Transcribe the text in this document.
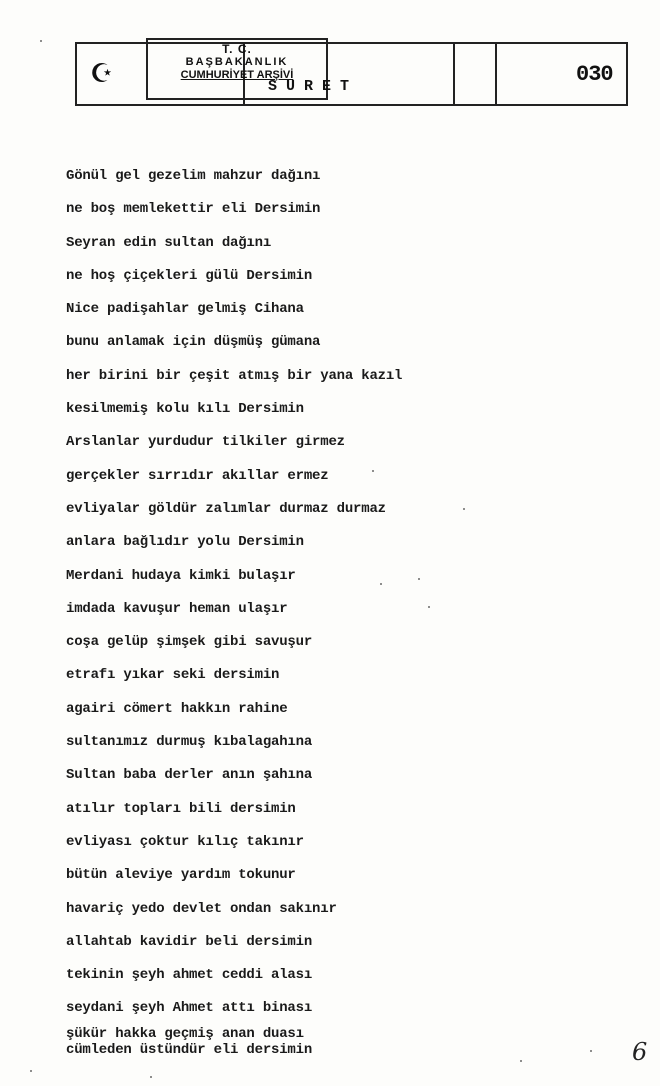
☪
T. C.
BAŞBAKANLIK
CUMHURİYET ARŞİVİ
SURET	030
Gönül gel gezelim mahzur dağını
ne boş memlekettir eli Dersimin
Seyran edin sultan dağını
ne hoş çiçekleri gülü Dersimin
Nice padişahlar gelmiş Cihana
bunu anlamak için düşmüş gümana
her birini bir çeşit atmış bir yana kazıl
kesilmemiş kolu kılı Dersimin
Arslanlar yurdudur tilkiler girmez
gerçekler sırrıdır akıllar ermez
evliyalar göldür zalımlar durmaz durmaz
anlara bağlıdır yolu Dersimin
Merdani hudaya kimki bulaşır
imdada kavuşur heman ulaşır
coşa gelüp şimşek gibi savuşur
etrafı yıkar seki dersimin
agairi cömert hakkın rahine
sultanımız durmuş kıbalagahına
Sultan baba derler anın şahına
atılır topları bili dersimin
evliyası çoktur kılıç takınır
bütün aleviye yardım tokunur
havariç yedo devlet ondan sakınır
allahtab kavidir beli dersimin
tekinin şeyh ahmet ceddi alası
seydani şeyh Ahmet attı binası
şükür hakka geçmiş anan duası
cümleden üstündür eli dersimin	6
